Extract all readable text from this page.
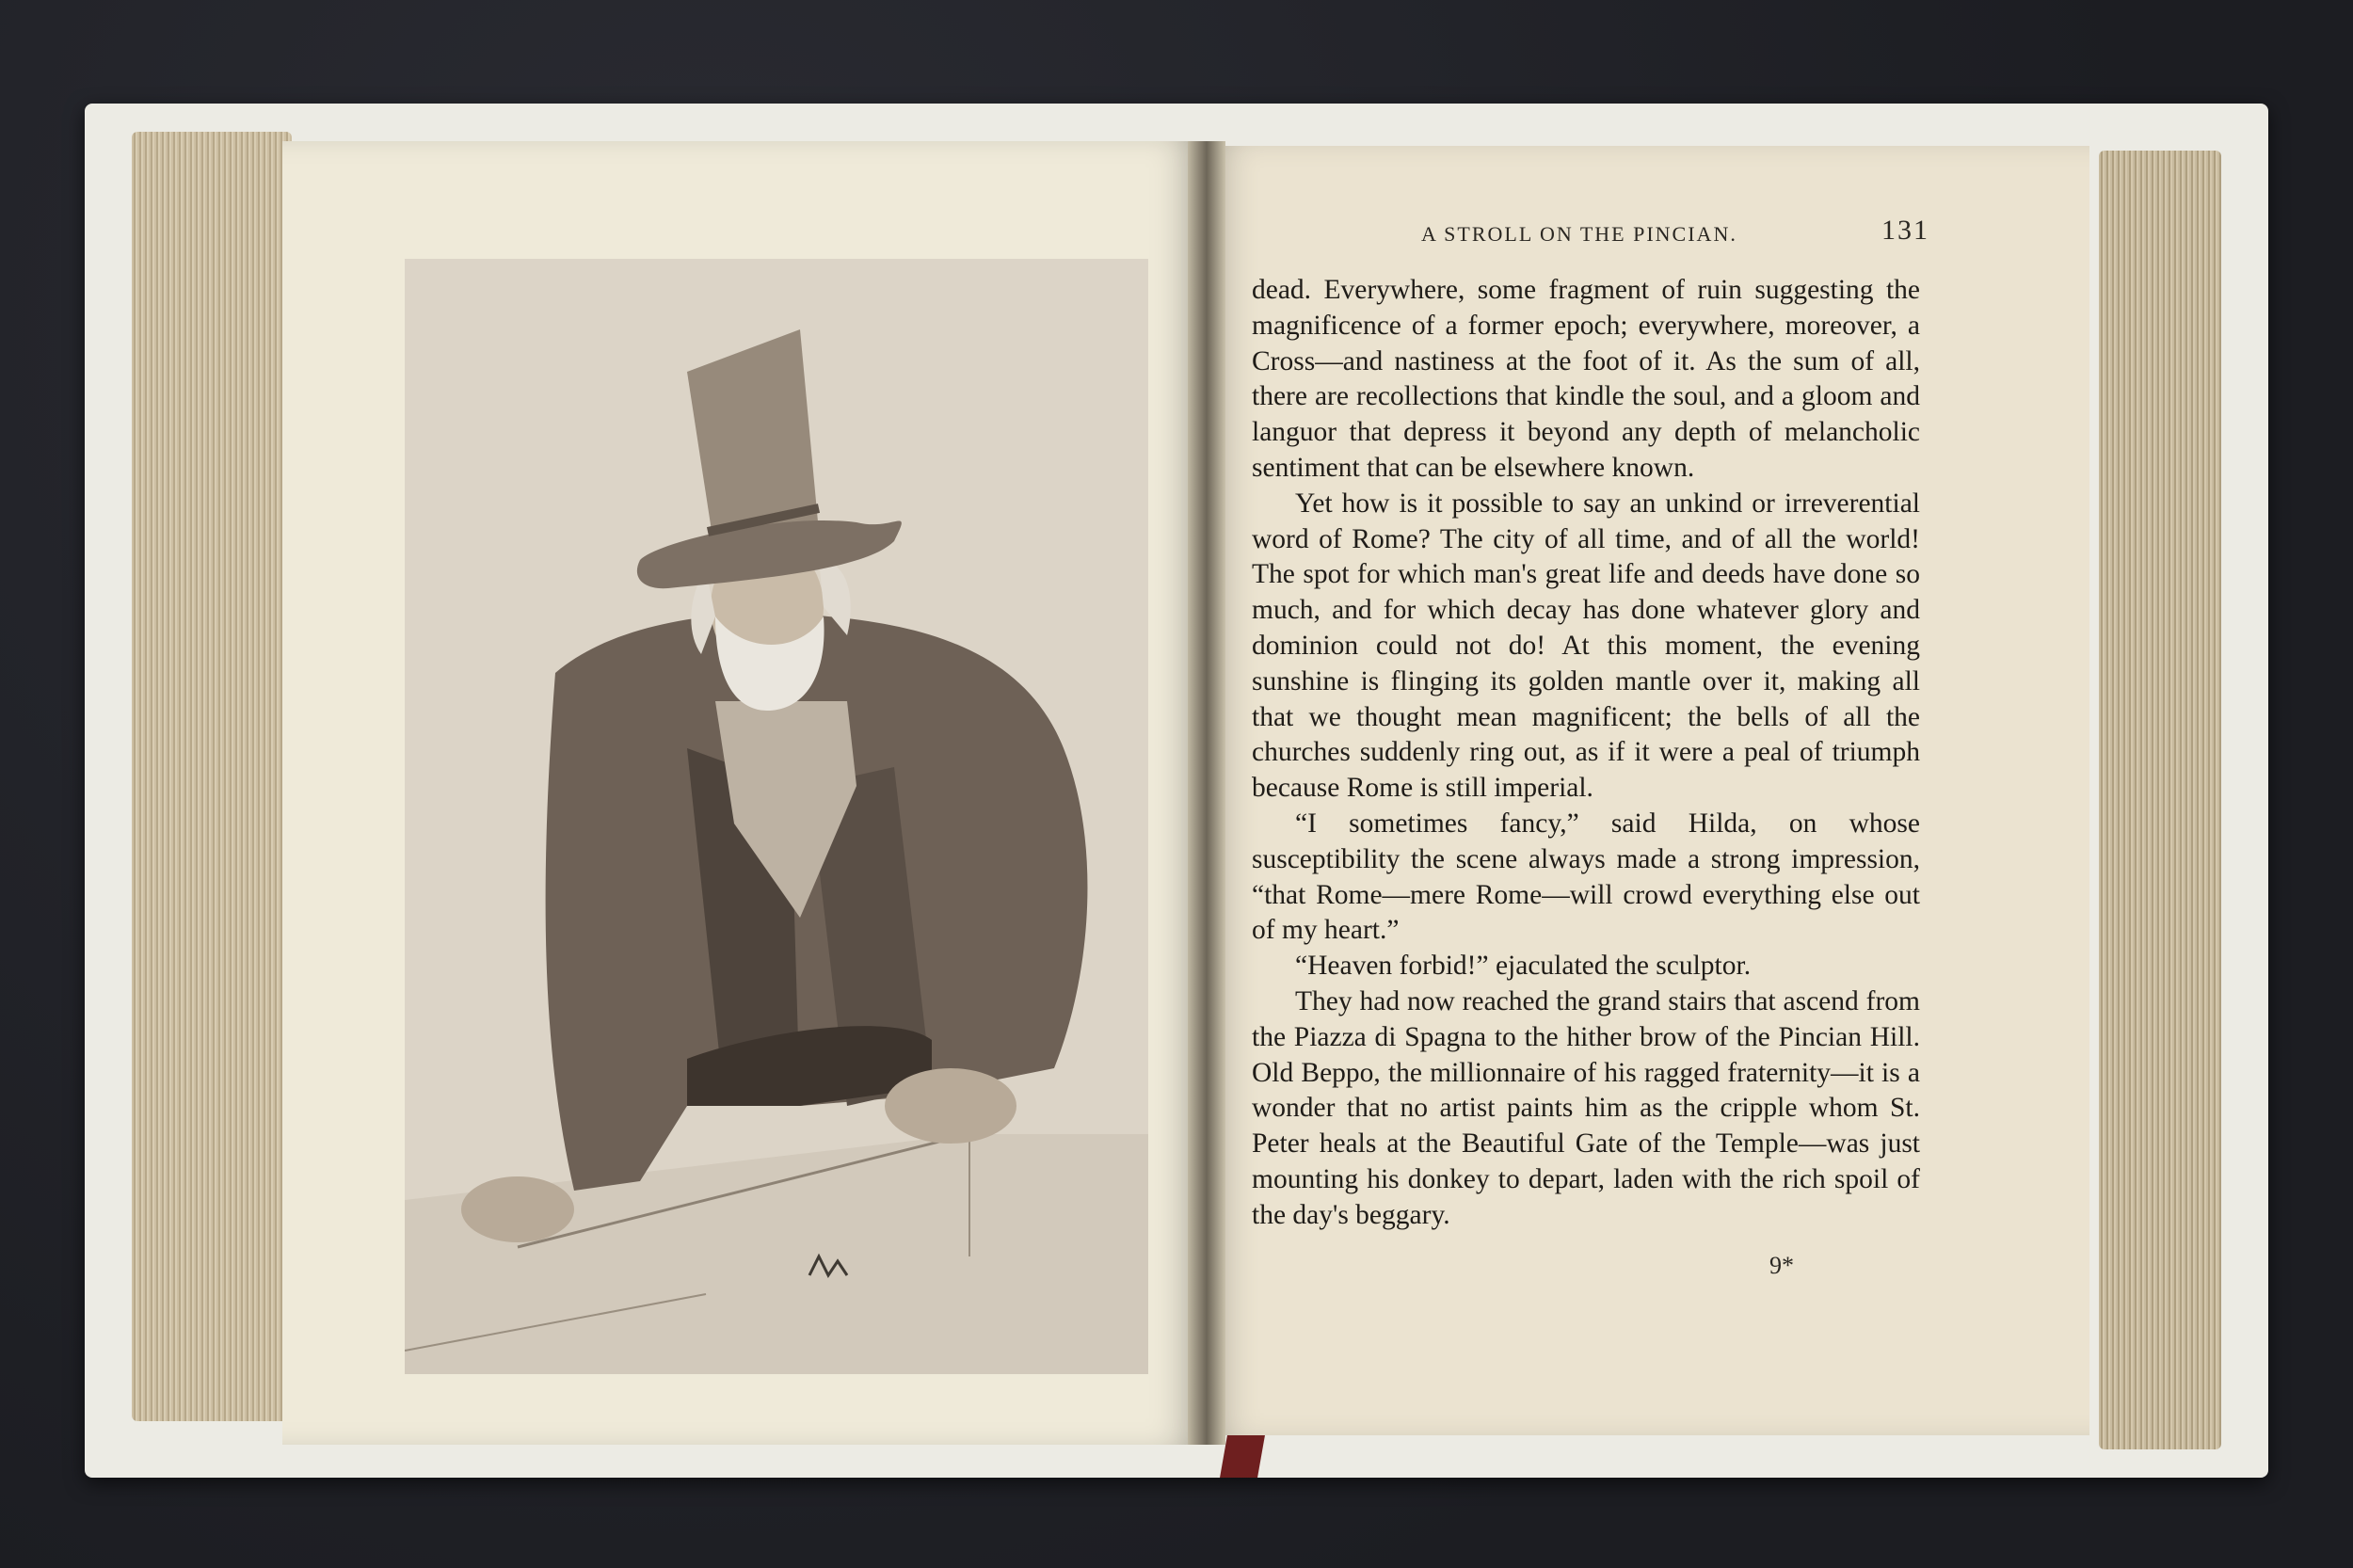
A STROLL ON THE PINCIAN.	131

dead. Everywhere, some fragment of ruin suggesting the magnificence of a former epoch; everywhere, moreover, a Cross—and nastiness at the foot of it. As the sum of all, there are recollections that kindle the soul, and a gloom and languor that depress it beyond any depth of melancholic sentiment that can be elsewhere known.

Yet how is it possible to say an unkind or irreverential word of Rome? The city of all time, and of all the world! The spot for which man's great life and deeds have done so much, and for which decay has done whatever glory and dominion could not do! At this moment, the evening sunshine is flinging its golden mantle over it, making all that we thought mean magnificent; the bells of all the churches suddenly ring out, as if it were a peal of triumph because Rome is still imperial.

“I sometimes fancy,” said Hilda, on whose susceptibility the scene always made a strong impression, “that Rome—mere Rome—will crowd everything else out of my heart.”

“Heaven forbid!” ejaculated the sculptor.

They had now reached the grand stairs that ascend from the Piazza di Spagna to the hither brow of the Pincian Hill. Old Beppo, the millionnaire of his ragged fraternity—it is a wonder that no artist paints him as the cripple whom St. Peter heals at the Beautiful Gate of the Temple—was just mounting his donkey to depart, laden with the rich spoil of the day's beggary.

9*
